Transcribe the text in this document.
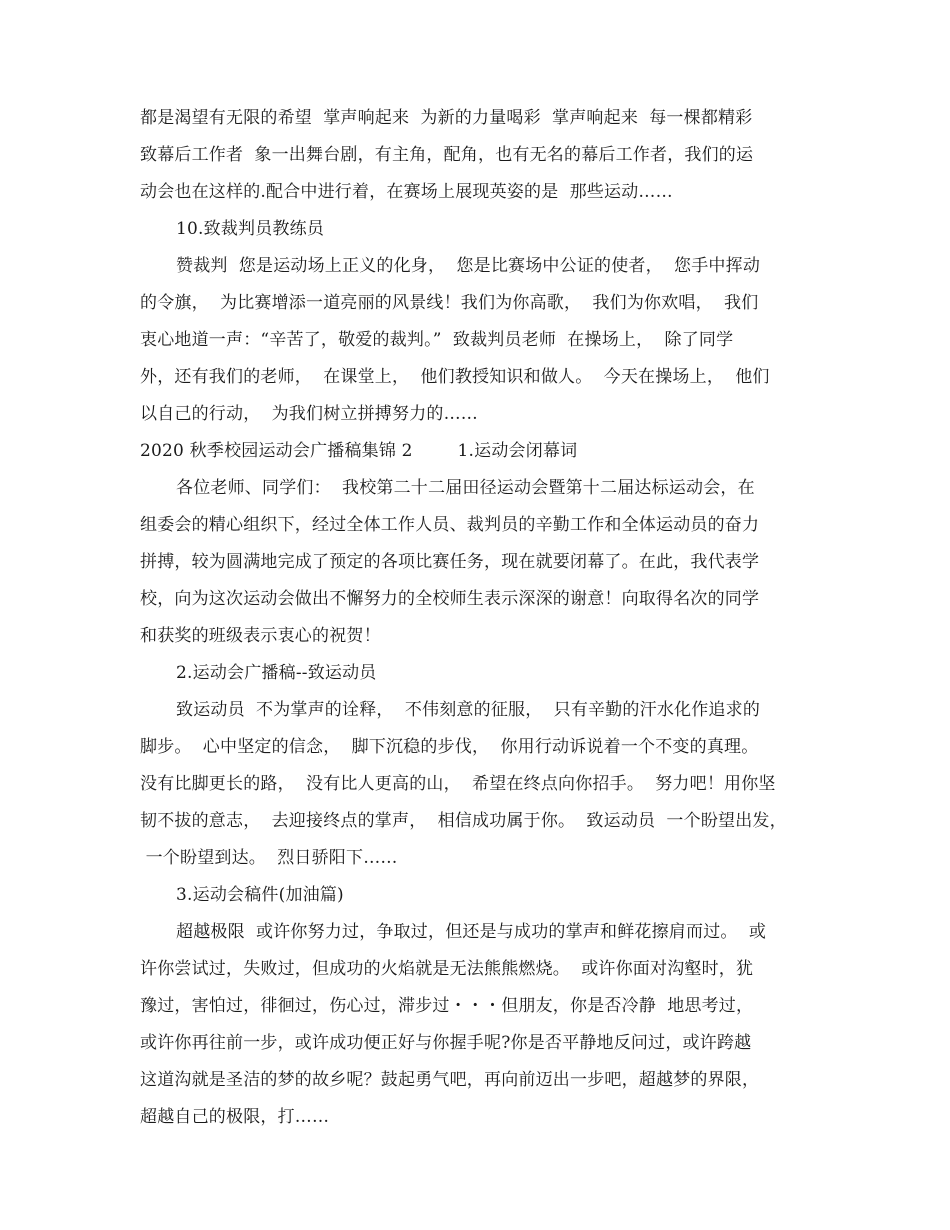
都是渴望有无限的希望  掌声响起来  为新的力量喝彩  掌声响起来  每一棵都精彩
致幕后工作者  象一出舞台剧，有主角，配角，也有无名的幕后工作者，我们的运
动会也在这样的.配合中进行着，在赛场上展现英姿的是  那些运动……
10.致裁判员教练员
赞裁判  您是运动场上正义的化身，  您是比赛场中公证的使者，  您手中挥动
的令旗，  为比赛增添一道亮丽的风景线！我们为你高歌，  我们为你欢唱，  我们
衷心地道一声：“辛苦了，敬爱的裁判。”  致裁判员老师  在操场上，  除了同学
外，还有我们的老师，  在课堂上，  他们教授知识和做人。  今天在操场上，  他们
以自己的行动，  为我们树立拼搏努力的……
2020 秋季校园运动会广播稿集锦 2        1.运动会闭幕词
各位老师、同学们：  我校第二十二届田径运动会暨第十二届达标运动会，在
组委会的精心组织下，经过全体工作人员、裁判员的辛勤工作和全体运动员的奋力
拼搏，较为圆满地完成了预定的各项比赛任务，现在就要闭幕了。在此，我代表学
校，向为这次运动会做出不懈努力的全校师生表示深深的谢意！向取得名次的同学
和获奖的班级表示衷心的祝贺！
2.运动会广播稿--致运动员
致运动员  不为掌声的诠释，  不伟刻意的征服，  只有辛勤的汗水化作追求的
脚步。  心中坚定的信念，  脚下沉稳的步伐，  你用行动诉说着一个不变的真理。
没有比脚更长的路，  没有比人更高的山，  希望在终点向你招手。  努力吧！用你坚
韧不拔的意志，  去迎接终点的掌声，  相信成功属于你。  致运动员  一个盼望出发，
一个盼望到达。  烈日骄阳下……
3.运动会稿件(加油篇)
超越极限  或许你努力过，争取过，但还是与成功的掌声和鲜花擦肩而过。  或
许你尝试过，失败过，但成功的火焰就是无法熊熊燃烧。  或许你面对沟壑时，犹
豫过，害怕过，徘徊过，伤心过，滞步过・・・但朋友，你是否冷静  地思考过，
或许你再往前一步，或许成功便正好与你握手呢?你是否平静地反问过，或许跨越
这道沟就是圣洁的梦的故乡呢？鼓起勇气吧，再向前迈出一步吧，超越梦的界限，
超越自己的极限，打……
